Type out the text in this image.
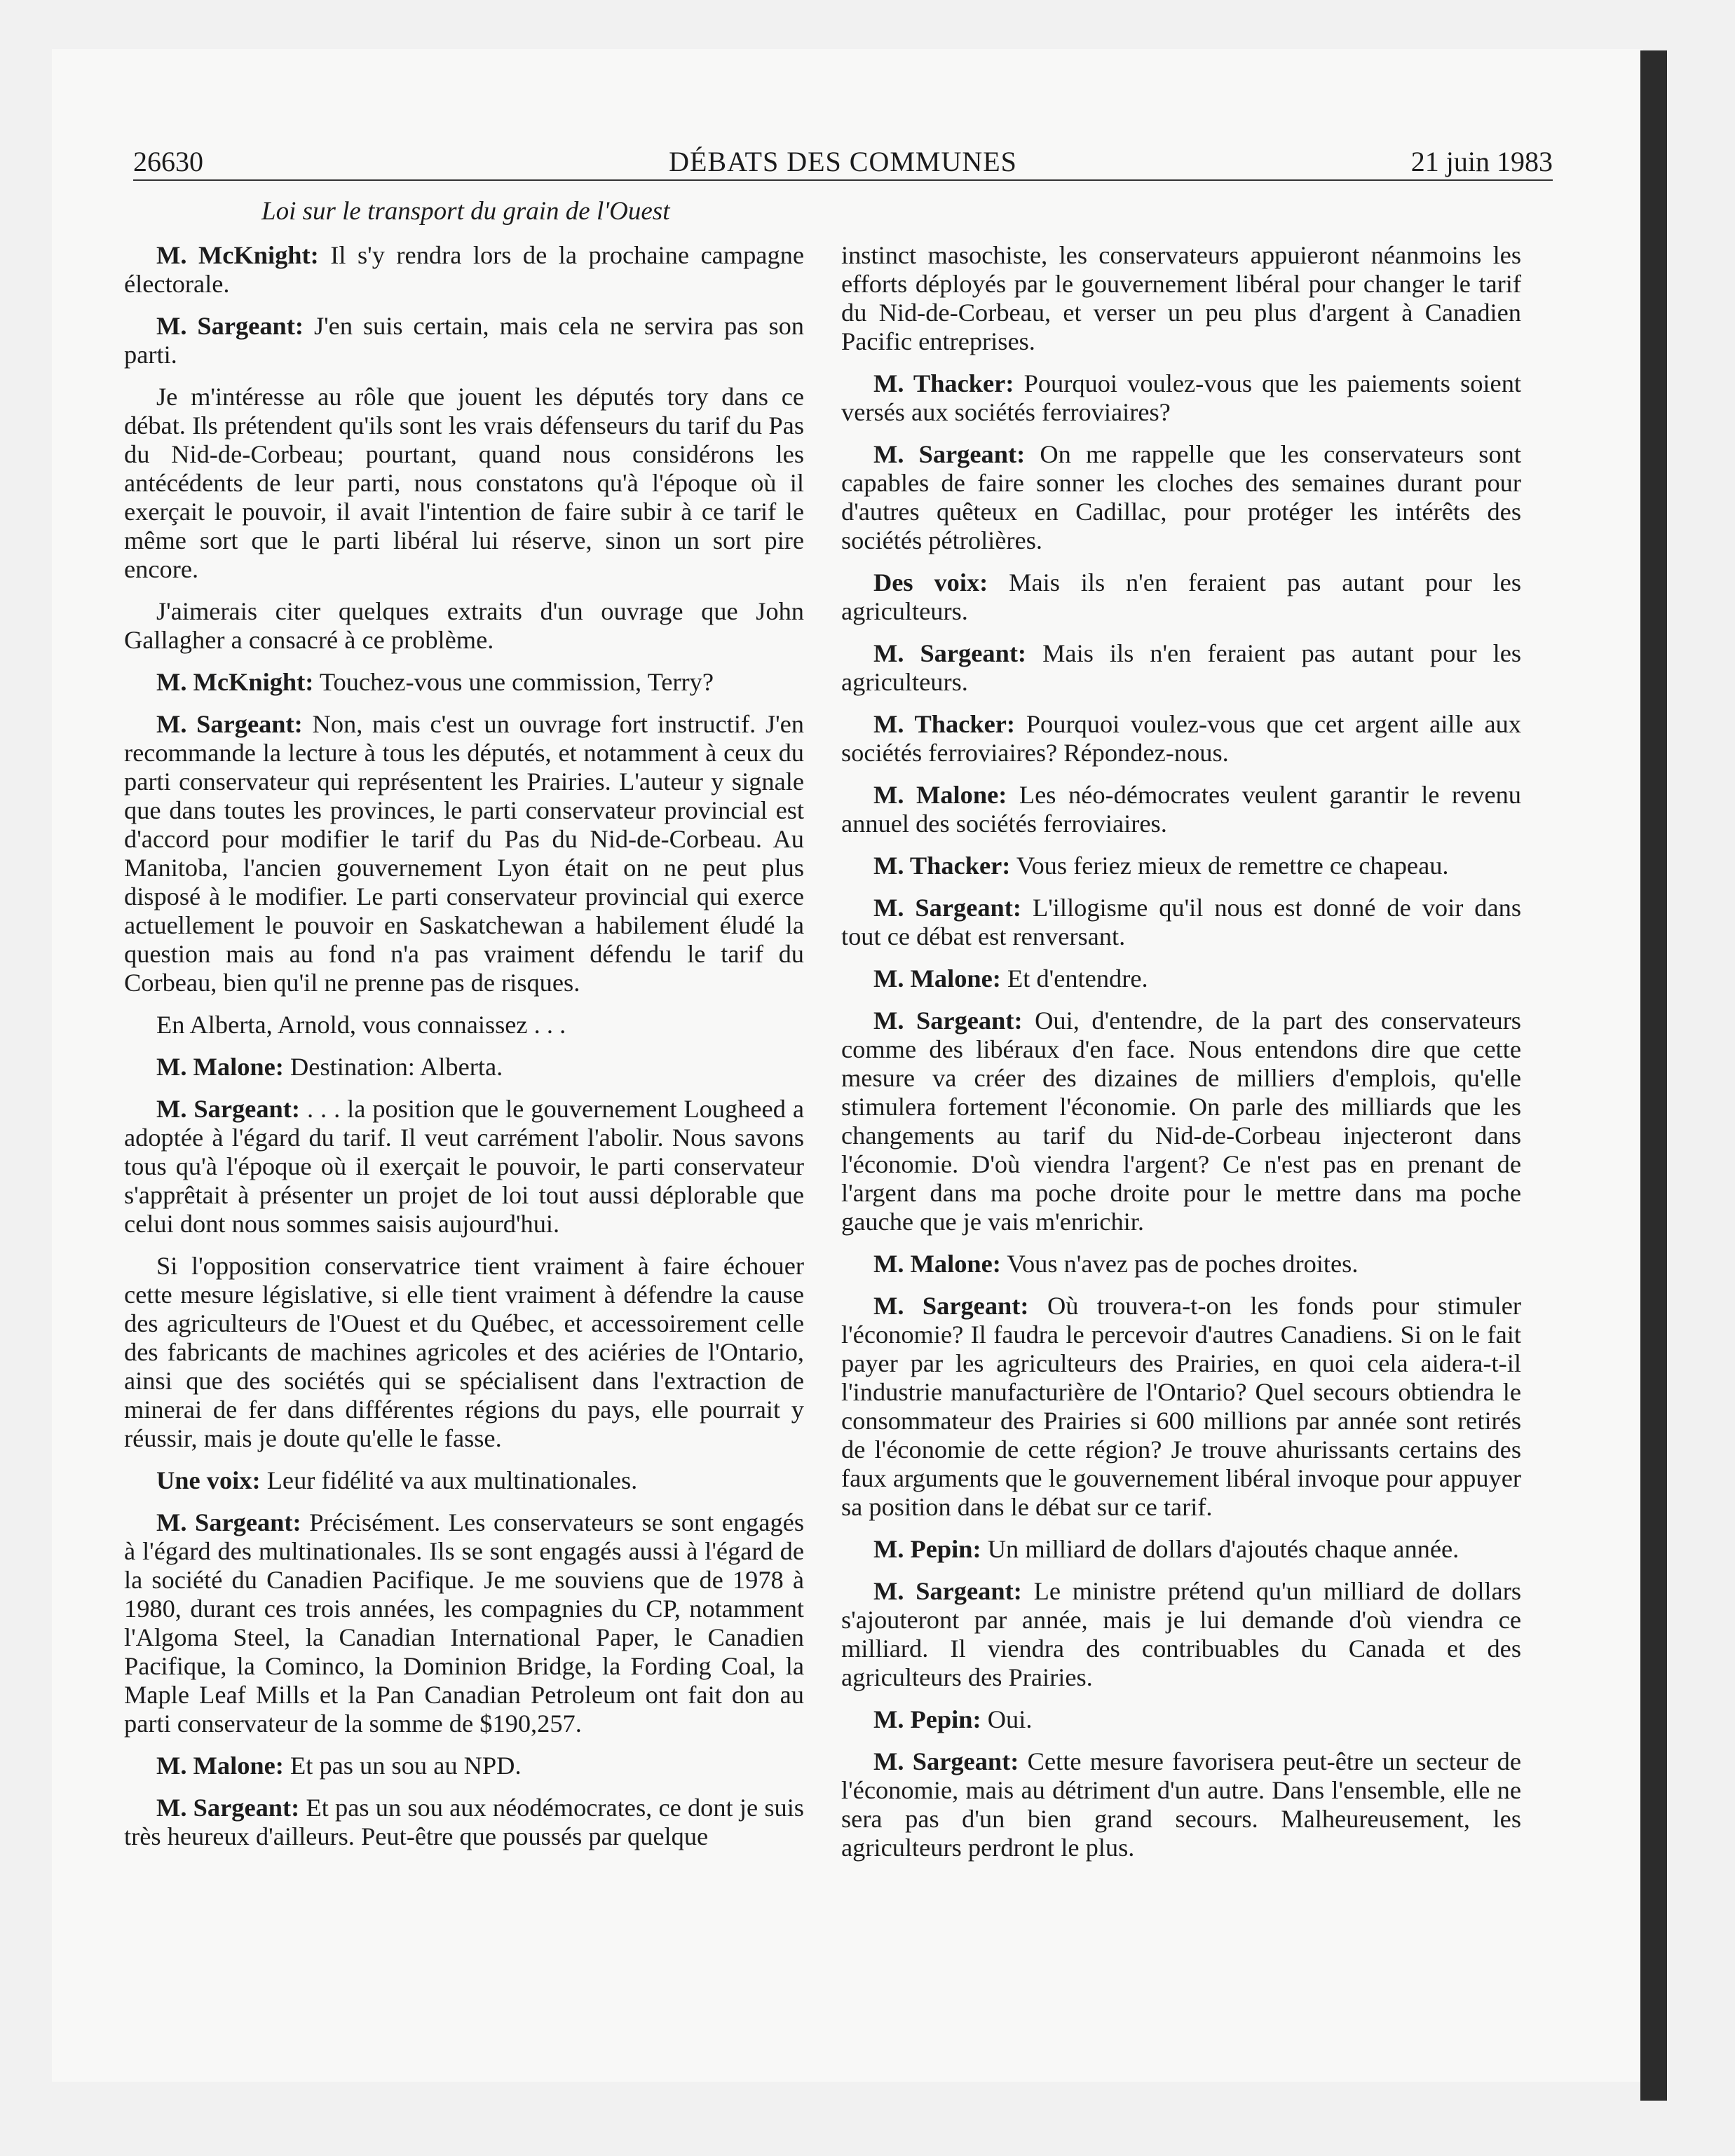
26630	DÉBATS DES COMMUNES	21 juin 1983
Loi sur le transport du grain de l'Ouest

M. McKnight: Il s'y rendra lors de la prochaine campagne électorale.

M. Sargeant: J'en suis certain, mais cela ne servira pas son parti.

Je m'intéresse au rôle que jouent les députés tory dans ce débat. Ils prétendent qu'ils sont les vrais défenseurs du tarif du Pas du Nid-de-Corbeau; pourtant, quand nous considérons les antécédents de leur parti, nous constatons qu'à l'époque où il exerçait le pouvoir, il avait l'intention de faire subir à ce tarif le même sort que le parti libéral lui réserve, sinon un sort pire encore.

J'aimerais citer quelques extraits d'un ouvrage que John Gallagher a consacré à ce problème.

M. McKnight: Touchez-vous une commission, Terry?

M. Sargeant: Non, mais c'est un ouvrage fort instructif. J'en recommande la lecture à tous les députés, et notamment à ceux du parti conservateur qui représentent les Prairies. L'auteur y signale que dans toutes les provinces, le parti conservateur provincial est d'accord pour modifier le tarif du Pas du Nid-de-Corbeau. Au Manitoba, l'ancien gouvernement Lyon était on ne peut plus disposé à le modifier. Le parti conservateur provincial qui exerce actuellement le pouvoir en Saskatchewan a habilement éludé la question mais au fond n'a pas vraiment défendu le tarif du Corbeau, bien qu'il ne prenne pas de risques.

En Alberta, Arnold, vous connaissez . . .

M. Malone: Destination: Alberta.

M. Sargeant: . . . la position que le gouvernement Lougheed a adoptée à l'égard du tarif. Il veut carrément l'abolir. Nous savons tous qu'à l'époque où il exerçait le pouvoir, le parti conservateur s'apprêtait à présenter un projet de loi tout aussi déplorable que celui dont nous sommes saisis aujourd'hui.

Si l'opposition conservatrice tient vraiment à faire échouer cette mesure législative, si elle tient vraiment à défendre la cause des agriculteurs de l'Ouest et du Québec, et accessoirement celle des fabricants de machines agricoles et des aciéries de l'Ontario, ainsi que des sociétés qui se spécialisent dans l'extraction de minerai de fer dans différentes régions du pays, elle pourrait y réussir, mais je doute qu'elle le fasse.

Une voix: Leur fidélité va aux multinationales.

M. Sargeant: Précisément. Les conservateurs se sont engagés à l'égard des multinationales. Ils se sont engagés aussi à l'égard de la société du Canadien Pacifique. Je me souviens que de 1978 à 1980, durant ces trois années, les compagnies du CP, notamment l'Algoma Steel, la Canadian International Paper, le Canadien Pacifique, la Cominco, la Dominion Bridge, la Fording Coal, la Maple Leaf Mills et la Pan Canadian Petroleum ont fait don au parti conservateur de la somme de $190,257.

M. Malone: Et pas un sou au NPD.

M. Sargeant: Et pas un sou aux néodémocrates, ce dont je suis très heureux d'ailleurs. Peut-être que poussés par quelque

instinct masochiste, les conservateurs appuieront néanmoins les efforts déployés par le gouvernement libéral pour changer le tarif du Nid-de-Corbeau, et verser un peu plus d'argent à Canadien Pacific entreprises.

M. Thacker: Pourquoi voulez-vous que les paiements soient versés aux sociétés ferroviaires?

M. Sargeant: On me rappelle que les conservateurs sont capables de faire sonner les cloches des semaines durant pour d'autres quêteux en Cadillac, pour protéger les intérêts des sociétés pétrolières.

Des voix: Mais ils n'en feraient pas autant pour les agriculteurs.

M. Sargeant: Mais ils n'en feraient pas autant pour les agriculteurs.

M. Thacker: Pourquoi voulez-vous que cet argent aille aux sociétés ferroviaires? Répondez-nous.

M. Malone: Les néo-démocrates veulent garantir le revenu annuel des sociétés ferroviaires.

M. Thacker: Vous feriez mieux de remettre ce chapeau.

M. Sargeant: L'illogisme qu'il nous est donné de voir dans tout ce débat est renversant.

M. Malone: Et d'entendre.

M. Sargeant: Oui, d'entendre, de la part des conservateurs comme des libéraux d'en face. Nous entendons dire que cette mesure va créer des dizaines de milliers d'emplois, qu'elle stimulera fortement l'économie. On parle des milliards que les changements au tarif du Nid-de-Corbeau injecteront dans l'économie. D'où viendra l'argent? Ce n'est pas en prenant de l'argent dans ma poche droite pour le mettre dans ma poche gauche que je vais m'enrichir.

M. Malone: Vous n'avez pas de poches droites.

M. Sargeant: Où trouvera-t-on les fonds pour stimuler l'économie? Il faudra le percevoir d'autres Canadiens. Si on le fait payer par les agriculteurs des Prairies, en quoi cela aidera-t-il l'industrie manufacturière de l'Ontario? Quel secours obtiendra le consommateur des Prairies si 600 millions par année sont retirés de l'économie de cette région? Je trouve ahurissants certains des faux arguments que le gouvernement libéral invoque pour appuyer sa position dans le débat sur ce tarif.

M. Pepin: Un milliard de dollars d'ajoutés chaque année.

M. Sargeant: Le ministre prétend qu'un milliard de dollars s'ajouteront par année, mais je lui demande d'où viendra ce milliard. Il viendra des contribuables du Canada et des agriculteurs des Prairies.

M. Pepin: Oui.

M. Sargeant: Cette mesure favorisera peut-être un secteur de l'économie, mais au détriment d'un autre. Dans l'ensemble, elle ne sera pas d'un bien grand secours. Malheureusement, les agriculteurs perdront le plus.
